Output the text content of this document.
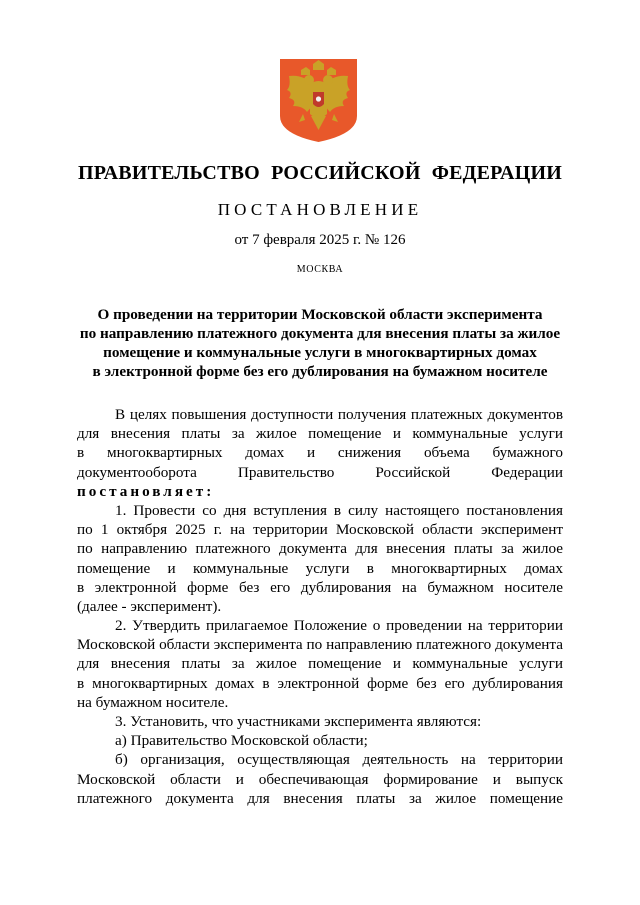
ПРАВИТЕЛЬСТВО РОССИЙСКОЙ ФЕДЕРАЦИИ
ПОСТАНОВЛЕНИЕ
от 7 февраля 2025 г. № 126
МОСКВА
О проведении на территории Московской области эксперимента
по направлению платежного документа для внесения платы за жилое
помещение и коммунальные услуги в многоквартирных домах
в электронной форме без его дублирования на бумажном носителе
В целях повышения доступности получения платежных документов
для внесения платы за жилое помещение и коммунальные услуги
в многоквартирных домах и снижения объема бумажного
документооборота Правительство Российской Федерации
постановляет:
1. Провести со дня вступления в силу настоящего постановления
по 1 октября 2025 г. на территории Московской области эксперимент
по направлению платежного документа для внесения платы за жилое
помещение и коммунальные услуги в многоквартирных домах
в электронной форме без его дублирования на бумажном носителе
(далее - эксперимент).
2. Утвердить прилагаемое Положение о проведении на территории
Московской области эксперимента по направлению платежного документа
для внесения платы за жилое помещение и коммунальные услуги
в многоквартирных домах в электронной форме без его дублирования
на бумажном носителе.
3. Установить, что участниками эксперимента являются:
а) Правительство Московской области;
б) организация, осуществляющая деятельность на территории
Московской области и обеспечивающая формирование и выпуск
платежного документа для внесения платы за жилое помещение
